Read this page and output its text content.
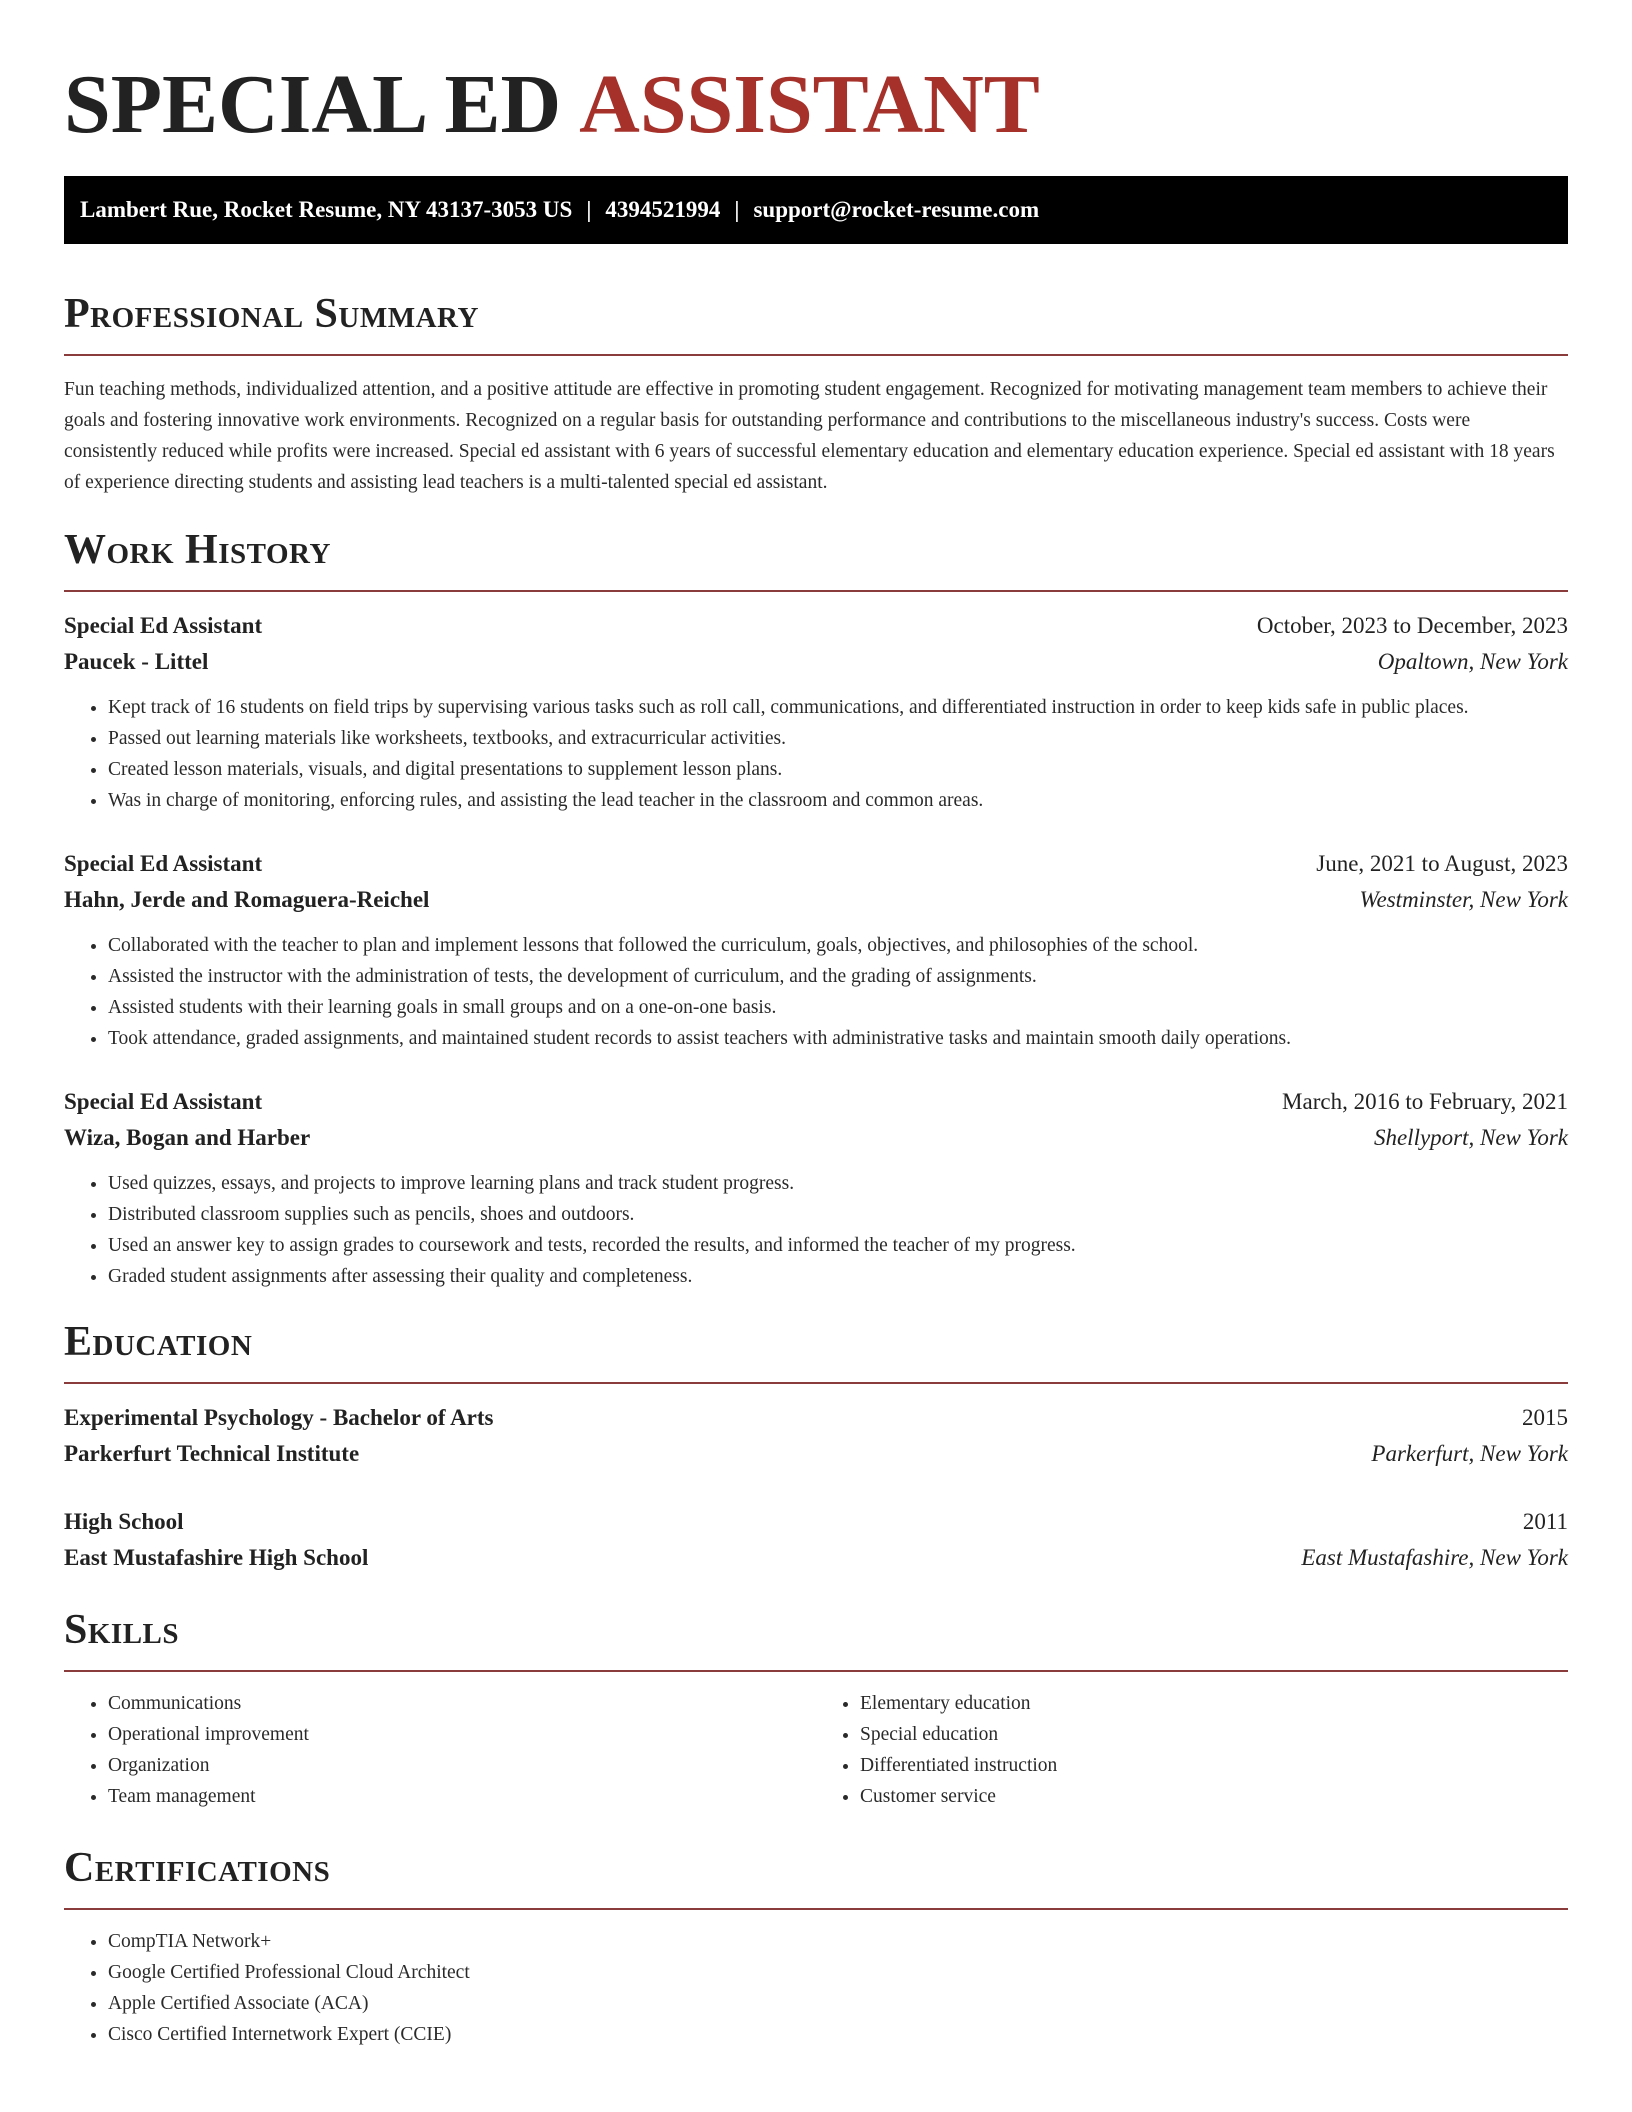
SPECIAL ED ASSISTANT
Lambert Rue, Rocket Resume, NY 43137-3053 US | 4394521994 | support@rocket-resume.com
Professional Summary

Fun teaching methods, individualized attention, and a positive attitude are effective in promoting student engagement. Recognized for motivating management team members to achieve their goals and fostering innovative work environments. Recognized on a regular basis for outstanding performance and contributions to the miscellaneous industry's success. Costs were consistently reduced while profits were increased. Special ed assistant with 6 years of successful elementary education and elementary education experience. Special ed assistant with 18 years of experience directing students and assisting lead teachers is a multi-talented special ed assistant.

Work History
Special Ed Assistant	October, 2023 to December, 2023
Paucek - Littel	Opaltown, New York
• Kept track of 16 students on field trips by supervising various tasks such as roll call, communications, and differentiated instruction in order to keep kids safe in public places.
• Passed out learning materials like worksheets, textbooks, and extracurricular activities.
• Created lesson materials, visuals, and digital presentations to supplement lesson plans.
• Was in charge of monitoring, enforcing rules, and assisting the lead teacher in the classroom and common areas.
Special Ed Assistant	June, 2021 to August, 2023
Hahn, Jerde and Romaguera-Reichel	Westminster, New York
• Collaborated with the teacher to plan and implement lessons that followed the curriculum, goals, objectives, and philosophies of the school.
• Assisted the instructor with the administration of tests, the development of curriculum, and the grading of assignments.
• Assisted students with their learning goals in small groups and on a one-on-one basis.
• Took attendance, graded assignments, and maintained student records to assist teachers with administrative tasks and maintain smooth daily operations.
Special Ed Assistant	March, 2016 to February, 2021
Wiza, Bogan and Harber	Shellyport, New York
• Used quizzes, essays, and projects to improve learning plans and track student progress.
• Distributed classroom supplies such as pencils, shoes and outdoors.
• Used an answer key to assign grades to coursework and tests, recorded the results, and informed the teacher of my progress.
• Graded student assignments after assessing their quality and completeness.
Education
Experimental Psychology - Bachelor of Arts	2015
Parkerfurt Technical Institute	Parkerfurt, New York
High School	2011
East Mustafashire High School	East Mustafashire, New York
Skills
• Communications
• Operational improvement
• Organization
• Team management
• Elementary education
• Special education
• Differentiated instruction
• Customer service
Certifications
• CompTIA Network+
• Google Certified Professional Cloud Architect
• Apple Certified Associate (ACA)
• Cisco Certified Internetwork Expert (CCIE)
